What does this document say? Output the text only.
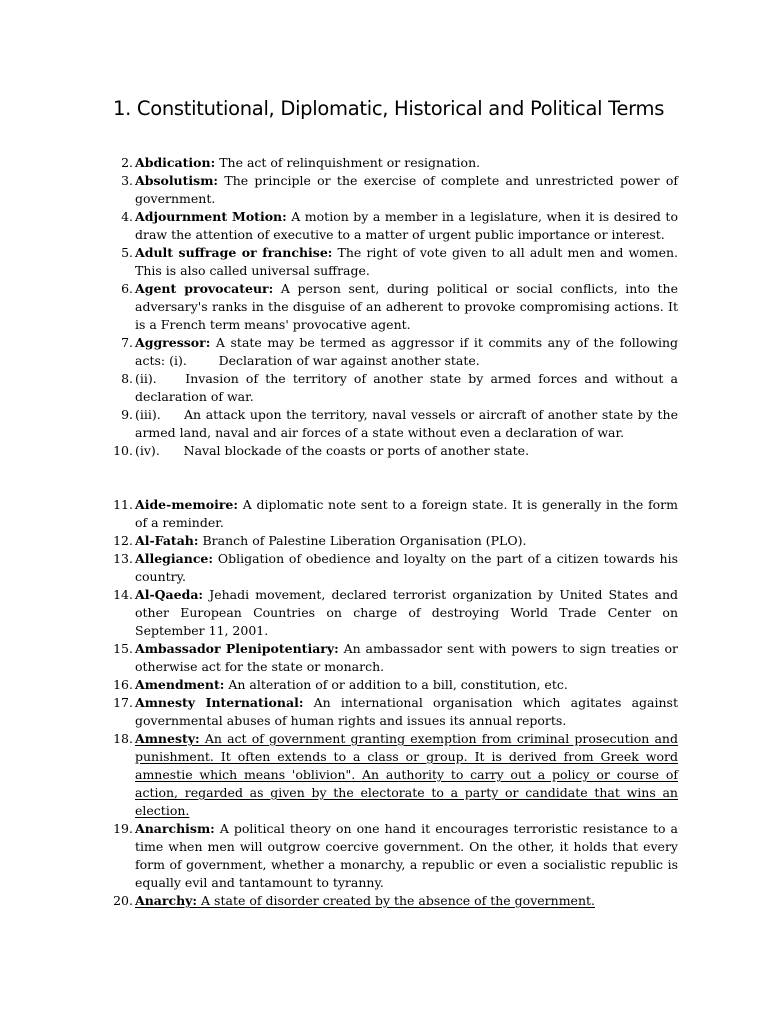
1. Constitutional, Diplomatic, Historical and Political Terms
2. Abdication: The act of relinquishment or resignation.
3. Absolutism: The principle or the exercise of complete and unrestricted power of government.
4. Adjournment Motion: A motion by a member in a legislature, when it is desired to draw the attention of executive to a matter of urgent public importance or interest.
5. Adult suffrage or franchise: The right of vote given to all adult men and women. This is also called universal suffrage.
6. Agent provocateur: A person sent, during political or social conflicts, into the adversary's ranks in the disguise of an adherent to provoke compromising actions. It is a French term means' provocative agent.
7. Aggressor: A state may be termed as aggressor if it commits any of the following acts: (i).        Declaration of war against another state.
8. (ii).    Invasion of the territory of another state by armed forces and without a declaration of war.
9. (iii).     An attack upon the territory, naval vessels or aircraft of another state by the armed land, naval and air forces of a state without even a declaration of war.
10. (iv).      Naval blockade of the coasts or ports of another state.
11. Aide-memoire: A diplomatic note sent to a foreign state. It is generally in the form of a reminder.
12. Al-Fatah: Branch of Palestine Liberation Organisation (PLO).
13. Allegiance: Obligation of obedience and loyalty on the part of a citizen towards his country.
14. Al-Qaeda: Jehadi movement, declared terrorist organization by United States and other European Countries on charge of destroying World Trade Center on September 11, 2001.
15. Ambassador Plenipotentiary: An ambassador sent with powers to sign treaties or otherwise act for the state or monarch.
16. Amendment: An alteration of or addition to a bill, constitution, etc.
17. Amnesty International: An international organisation which agitates against governmental abuses of human rights and issues its annual reports.
18. Amnesty: An act of government granting exemption from criminal prosecution and punishment. It often extends to a class or group. It is derived from Greek word amnestie which means 'oblivion". An authority to carry out a policy or course of action, regarded as given by the electorate to a party or candidate that wins an election.
19. Anarchism: A political theory on one hand it encourages terroristic resistance to a time when men will outgrow coercive government. On the other, it holds that every form of government, whether a monarchy, a republic or even a socialistic republic is equally evil and tantamount to tyranny.
20. Anarchy: A state of disorder created by the absence of the government.
